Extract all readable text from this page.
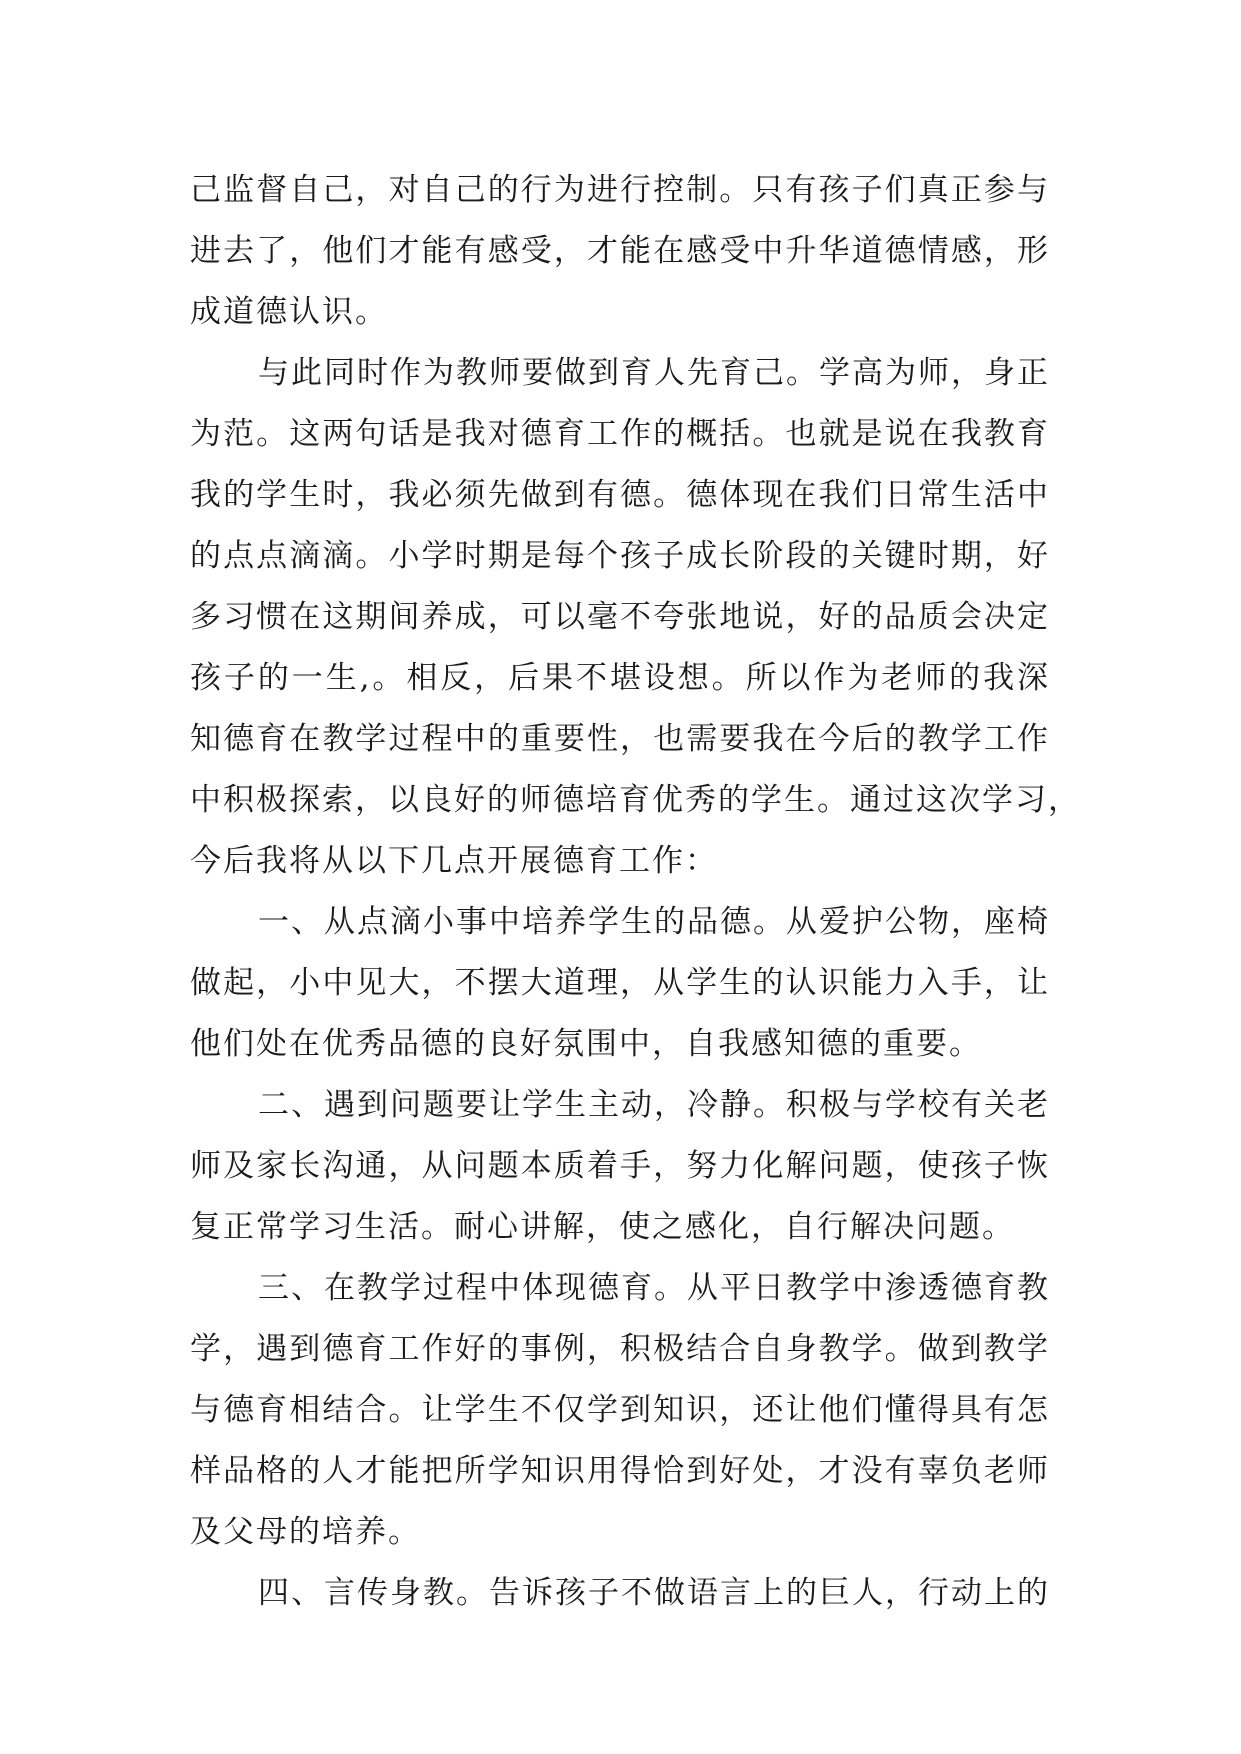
己监督自己，对自己的行为进行控制。只有孩子们真正参与
进去了，他们才能有感受，才能在感受中升华道德情感，形
成道德认识。
与此同时作为教师要做到育人先育己。学高为师，身正
为范。这两句话是我对德育工作的概括。也就是说在我教育
我的学生时，我必须先做到有德。德体现在我们日常生活中
的点点滴滴。小学时期是每个孩子成长阶段的关键时期，好
多习惯在这期间养成，可以毫不夸张地说，好的品质会决定
孩子的一生,。相反，后果不堪设想。所以作为老师的我深
知德育在教学过程中的重要性，也需要我在今后的教学工作
中积极探索，以良好的师德培育优秀的学生。通过这次学习，
今后我将从以下几点开展德育工作：
一、从点滴小事中培养学生的品德。从爱护公物，座椅
做起，小中见大，不摆大道理，从学生的认识能力入手，让
他们处在优秀品德的良好氛围中，自我感知德的重要。
二、遇到问题要让学生主动，冷静。积极与学校有关老
师及家长沟通，从问题本质着手，努力化解问题，使孩子恢
复正常学习生活。耐心讲解，使之感化，自行解决问题。
三、在教学过程中体现德育。从平日教学中渗透德育教
学，遇到德育工作好的事例，积极结合自身教学。做到教学
与德育相结合。让学生不仅学到知识，还让他们懂得具有怎
样品格的人才能把所学知识用得恰到好处，才没有辜负老师
及父母的培养。
四、言传身教。告诉孩子不做语言上的巨人，行动上的
